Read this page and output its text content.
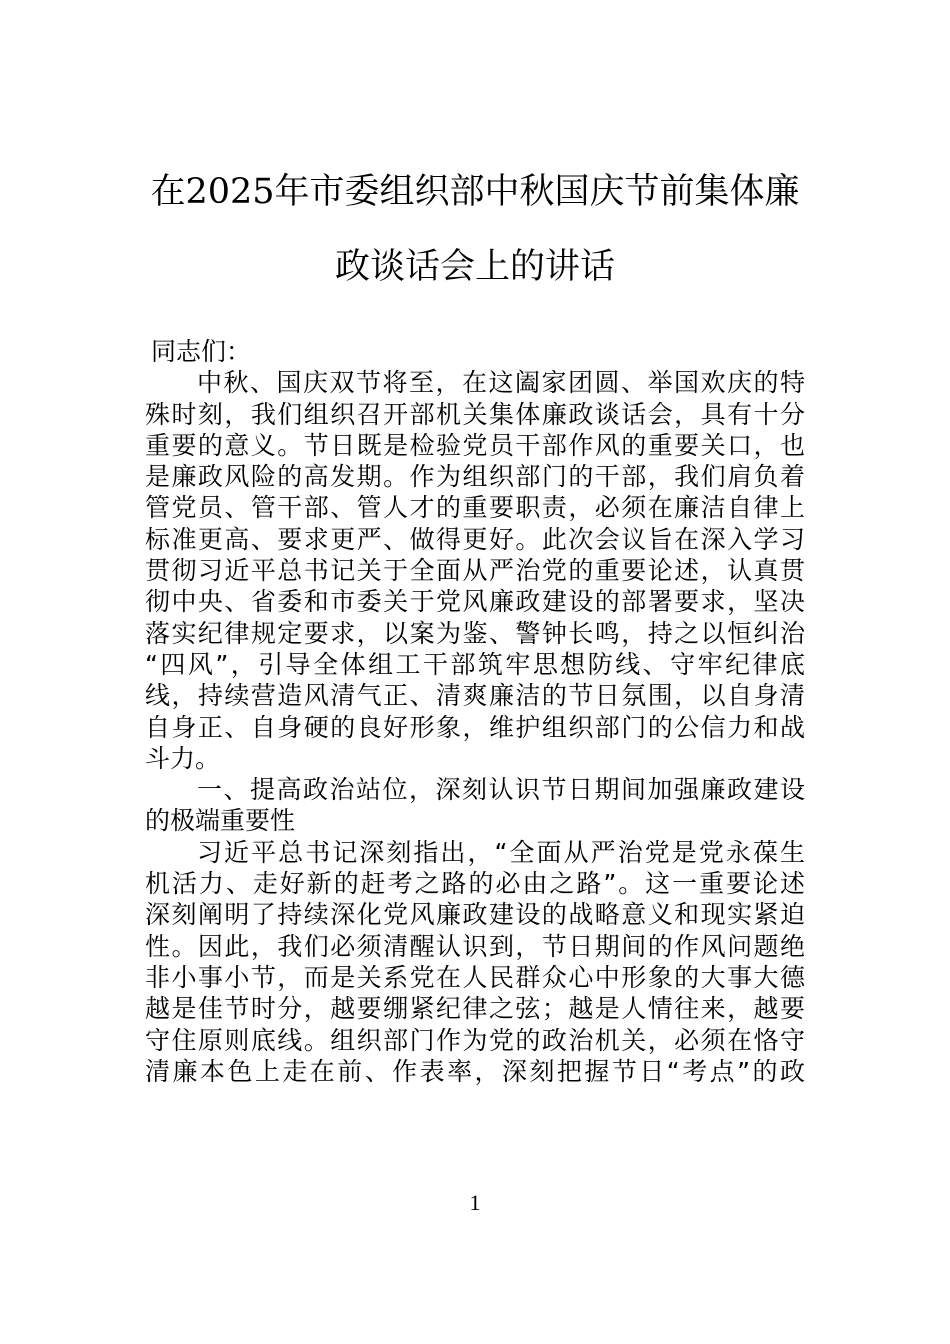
在2025年市委组织部中秋国庆节前集体廉
政谈话会上的讲话
同志们：
中秋、国庆双节将至，在这阖家团圆、举国欢庆的特
殊时刻，我们组织召开部机关集体廉政谈话会，具有十分
重要的意义。节日既是检验党员干部作风的重要关口，也
是廉政风险的高发期。作为组织部门的干部，我们肩负着
管党员、管干部、管人才的重要职责，必须在廉洁自律上
标准更高、要求更严、做得更好。此次会议旨在深入学习
贯彻习近平总书记关于全面从严治党的重要论述，认真贯
彻中央、省委和市委关于党风廉政建设的部署要求，坚决
落实纪律规定要求，以案为鉴、警钟长鸣，持之以恒纠治
“四风”，引导全体组工干部筑牢思想防线、守牢纪律底
线，持续营造风清气正、清爽廉洁的节日氛围，以自身清
自身正、自身硬的良好形象，维护组织部门的公信力和战
斗力。
一、提高政治站位，深刻认识节日期间加强廉政建设
的极端重要性
习近平总书记深刻指出，“全面从严治党是党永葆生
机活力、走好新的赶考之路的必由之路”。这一重要论述
深刻阐明了持续深化党风廉政建设的战略意义和现实紧迫
性。因此，我们必须清醒认识到，节日期间的作风问题绝
非小事小节，而是关系党在人民群众心中形象的大事大德
越是佳节时分，越要绷紧纪律之弦；越是人情往来，越要
守住原则底线。组织部门作为党的政治机关，必须在恪守
清廉本色上走在前、作表率，深刻把握节日“考点”的政
1
